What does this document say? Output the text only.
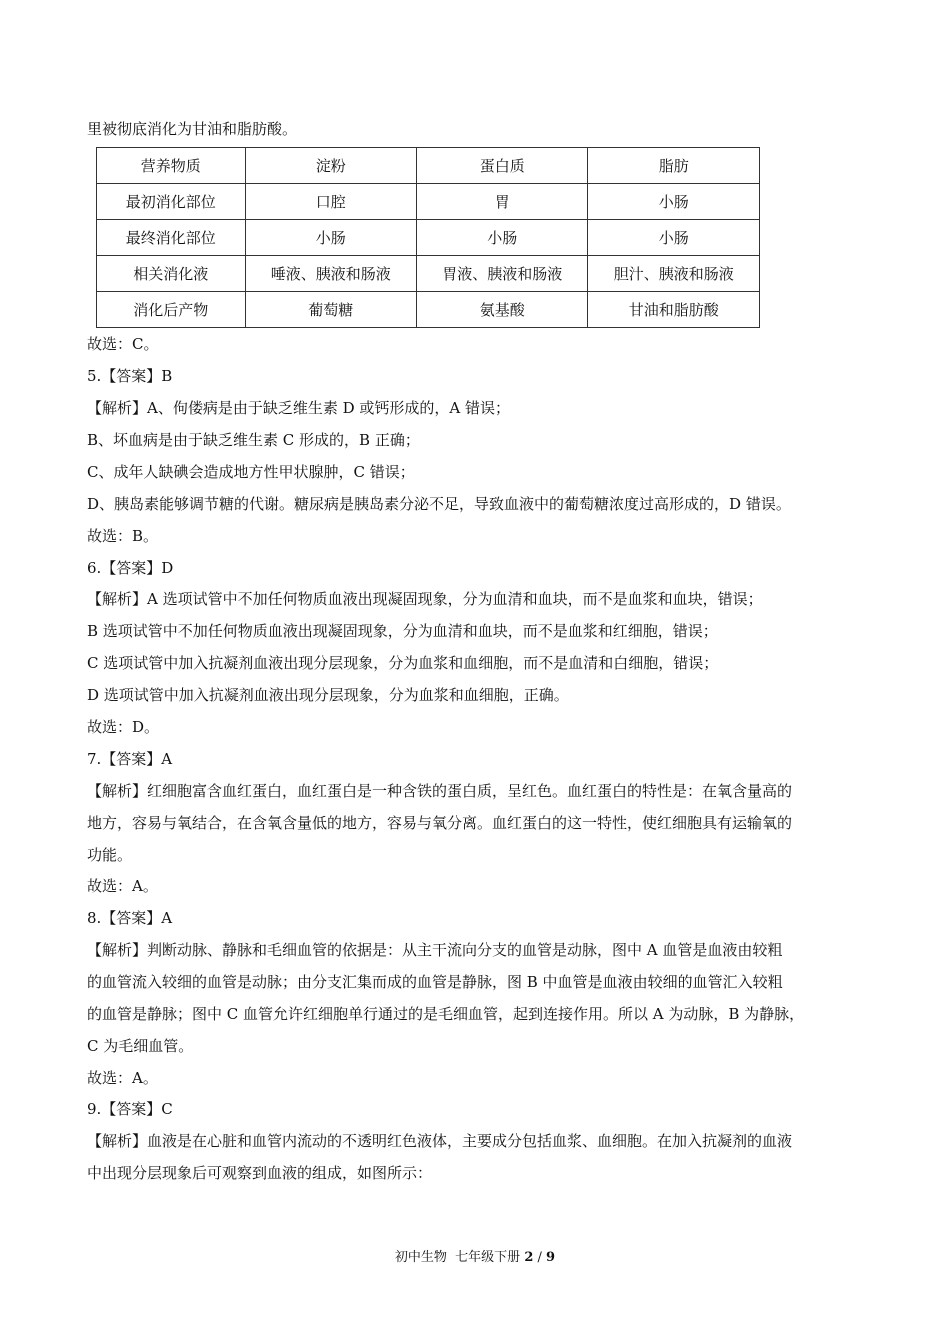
里被彻底消化为甘油和脂肪酸。
营养物质	淀粉	蛋白质	脂肪
最初消化部位	口腔	胃	小肠
最终消化部位	小肠	小肠	小肠
相关消化液	唾液、胰液和肠液	胃液、胰液和肠液	胆汁、胰液和肠液
消化后产物	葡萄糖	氨基酸	甘油和脂肪酸
故选：C。
5.【答案】B
【解析】A、佝偻病是由于缺乏维生素 D 或钙形成的，A 错误；
B、坏血病是由于缺乏维生素 C 形成的，B 正确；
C、成年人缺碘会造成地方性甲状腺肿，C 错误；
D、胰岛素能够调节糖的代谢。糖尿病是胰岛素分泌不足，导致血液中的葡萄糖浓度过高形成的，D 错误。
故选：B。
6.【答案】D
【解析】A 选项试管中不加任何物质血液出现凝固现象，分为血清和血块，而不是血浆和血块，错误；
B 选项试管中不加任何物质血液出现凝固现象，分为血清和血块，而不是血浆和红细胞，错误；
C 选项试管中加入抗凝剂血液出现分层现象，分为血浆和血细胞，而不是血清和白细胞，错误；
D 选项试管中加入抗凝剂血液出现分层现象，分为血浆和血细胞，正确。
故选：D。
7.【答案】A
【解析】红细胞富含血红蛋白，血红蛋白是一种含铁的蛋白质，呈红色。血红蛋白的特性是：在氧含量高的
地方，容易与氧结合，在含氧含量低的地方，容易与氧分离。血红蛋白的这一特性，使红细胞具有运输氧的
功能。
故选：A。
8.【答案】A
【解析】判断动脉、静脉和毛细血管的依据是：从主干流向分支的血管是动脉，图中 A 血管是血液由较粗
的血管流入较细的血管是动脉；由分支汇集而成的血管是静脉，图 B 中血管是血液由较细的血管汇入较粗
的血管是静脉；图中 C 血管允许红细胞单行通过的是毛细血管，起到连接作用。所以 A 为动脉，B 为静脉，
C 为毛细血管。
故选：A。
9.【答案】C
【解析】血液是在心脏和血管内流动的不透明红色液体，主要成分包括血浆、血细胞。在加入抗凝剂的血液
中出现分层现象后可观察到血液的组成，如图所示：
初中生物 七年级下册 2 / 9
